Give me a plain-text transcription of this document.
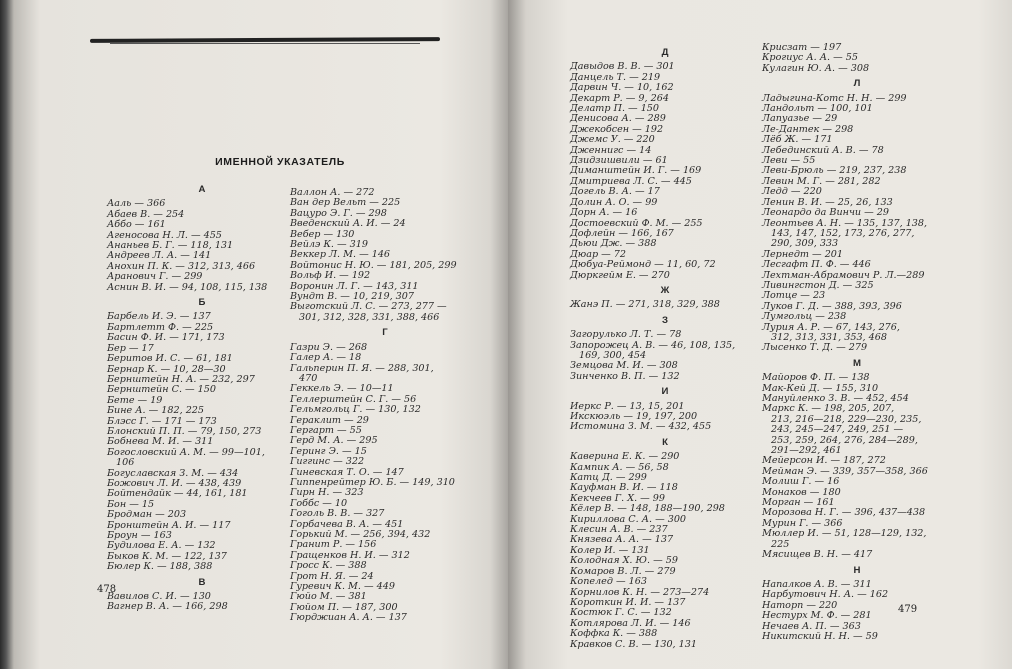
ИМЕННОЙ УКАЗАТЕЛЬ
А
Ааль — 366
Абаев В. — 254
Аббо — 161
Агеносова Н. Л. — 455
Ананьев Б. Г. — 118, 131
Андреев Л. А. — 141
Анохин П. К. — 312, 313, 466
Аранович Г. — 299
Аснин В. И. — 94, 108, 115, 138
Б
Барбель И. Э. — 137
Бартлетт Ф. — 225
Басин Ф. И. — 171, 173
Бер — 17
Беритов И. С. — 61, 181
Бернар К. — 10, 28—30
Бернштейн Н. А. — 232, 297
Бернштейн С. — 150
Бете — 19
Бине А. — 182, 225
Блэсс Г. — 171 — 173
Блонский П. П. — 79, 150, 273
Бобнева М. И. — 311
Богословский А. М. — 99—101,
106
Богуславская З. М. — 434
Божович Л. И. — 438, 439
Бойтендайк — 44, 161, 181
Бон — 15
Бродман — 203
Бронштейн А. И. — 117
Броун — 163
Будилова Е. А. — 132
Быков К. М. — 122, 137
Бюлер К. — 188, 388
В
Вавилов С. И. — 130
Вагнер В. А. — 166, 298
Валлон А. — 272
Ван дер Вельт — 225
Вацуро Э. Г. — 298
Введенский А. И. — 24
Вебер — 130
Вейлэ К. — 319
Веккер Л. М. — 146
Войтонис Н. Ю. — 181, 205, 299
Вольф И. — 192
Воронин Л. Г. — 143, 311
Вундт В. — 10, 219, 307
Выготский Л. С. — 273, 277 —
301, 312, 328, 331, 388, 466
Г
Газри Э. — 268
Галер А. — 18
Гальперин П. Я. — 288, 301,
470
Геккель Э. — 10—11
Геллерштейн С. Г. — 56
Гельмгольц Г. — 130, 132
Гераклит — 29
Гергарт — 55
Герд М. А. — 295
Геринг Э. — 15
Гиггинс — 322
Гиневская Т. О. — 147
Гиппенрейтер Ю. Б. — 149, 310
Гирн Н. — 323
Гоббс — 10
Гоголь В. В. — 327
Горбачева В. А. — 451
Горький М. — 256, 394, 432
Гранит Р. — 156
Гращенков Н. И. — 312
Гросс К. — 388
Грот Н. Я. — 24
Гуревич К. М. — 449
Гюйо М. — 381
Гюйом П. — 187, 300
Гюрджиан А. А. — 137
478
Д
Давыдов В. В. — 301
Данцель Т. — 219
Дарвин Ч. — 10, 162
Декарт Р. — 9, 264
Делатр П. — 150
Денисова А. — 289
Джекобсен — 192
Джемс У. — 220
Дженнигс — 14
Дзидзишвили — 61
Диманштейн И. Г. — 169
Дмитриева Л. С. — 445
Догель В. А. — 17
Долин А. О. — 99
Дорн А. — 16
Достоевский Ф. М. — 255
Дофлейн — 166, 167
Дьюи Дж. — 388
Дюар — 72
Дюбуа-Реймонд — 11, 60, 72
Дюркгейм Е. — 270
Ж
Жанэ П. — 271, 318, 329, 388
З
Загорулько Л. Т. — 78
Запорожец А. В. — 46, 108, 135,
169, 300, 454
Земцова М. И. — 308
Зинченко В. П. — 132
И
Иеркс Р. — 13, 15, 201
Икскюэль — 19, 197, 200
Истомина З. М. — 432, 455
К
Каверина Е. К. — 290
Кампик А. — 56, 58
Катц Д. — 299
Кауфман В. И. — 118
Кекчеев Г. Х. — 99
Кёлер В. — 148, 188—190, 298
Кириллова С. А. — 300
Клесин А. В. — 237
Князева А. А. — 137
Колер И. — 131
Колодная Х. Ю. — 59
Комаров В. Л. — 279
Копелед — 163
Корнилов К. Н. — 273—274
Короткин И. И. — 137
Костюк Г. С. — 132
Котлярова Л. И. — 146
Коффка К. — 388
Кравков С. В. — 130, 131
Крисзат — 197
Крогиус А. А. — 55
Кулагин Ю. А. — 308
Л
Ладыгина-Котс Н. Н. — 299
Ландольт — 100, 101
Лапуазье — 29
Ле-Дантек — 298
Лёб Ж. — 171
Лебединский А. В. — 78
Леви — 55
Леви-Брюль — 219, 237, 238
Левин М. Г. — 281, 282
Ледд — 220
Ленин В. И. — 25, 26, 133
Леонардо да Винчи — 29
Леонтьев А. Н. — 135, 137, 138,
143, 147, 152, 173, 276, 277,
290, 309, 333
Лернедт — 201
Лесгафт П. Ф. — 446
Лехтман-Абрамович Р. Л.—289
Ливингстон Д. — 325
Лотце — 23
Луков Г. Д. — 388, 393, 396
Лумгольц — 238
Лурия А. Р. — 67, 143, 276,
312, 313, 331, 353, 468
Лысенко Т. Д. — 279
М
Майоров Ф. П. — 138
Мак-Кей Д. — 155, 310
Мануйленко З. В. — 452, 454
Маркс К. — 198, 205, 207,
213, 216—218, 229—230, 235,
243, 245—247, 249, 251 —
253, 259, 264, 276, 284—289,
291—292, 461
Мейерсон И. — 187, 272
Мейман Э. — 339, 357—358, 366
Молиш Г. — 16
Монаков — 180
Морган — 161
Морозова Н. Г. — 396, 437—438
Мурин Г. — 366
Мюллер И. — 51, 128—129, 132,
225
Мясищев В. Н. — 417
Н
Напалков А. В. — 311
Нарбутович Н. А. — 162
Наторп — 220
Нестурх М. Ф. — 281
Нечаев А. П. — 363
Никитский Н. Н. — 59
479
